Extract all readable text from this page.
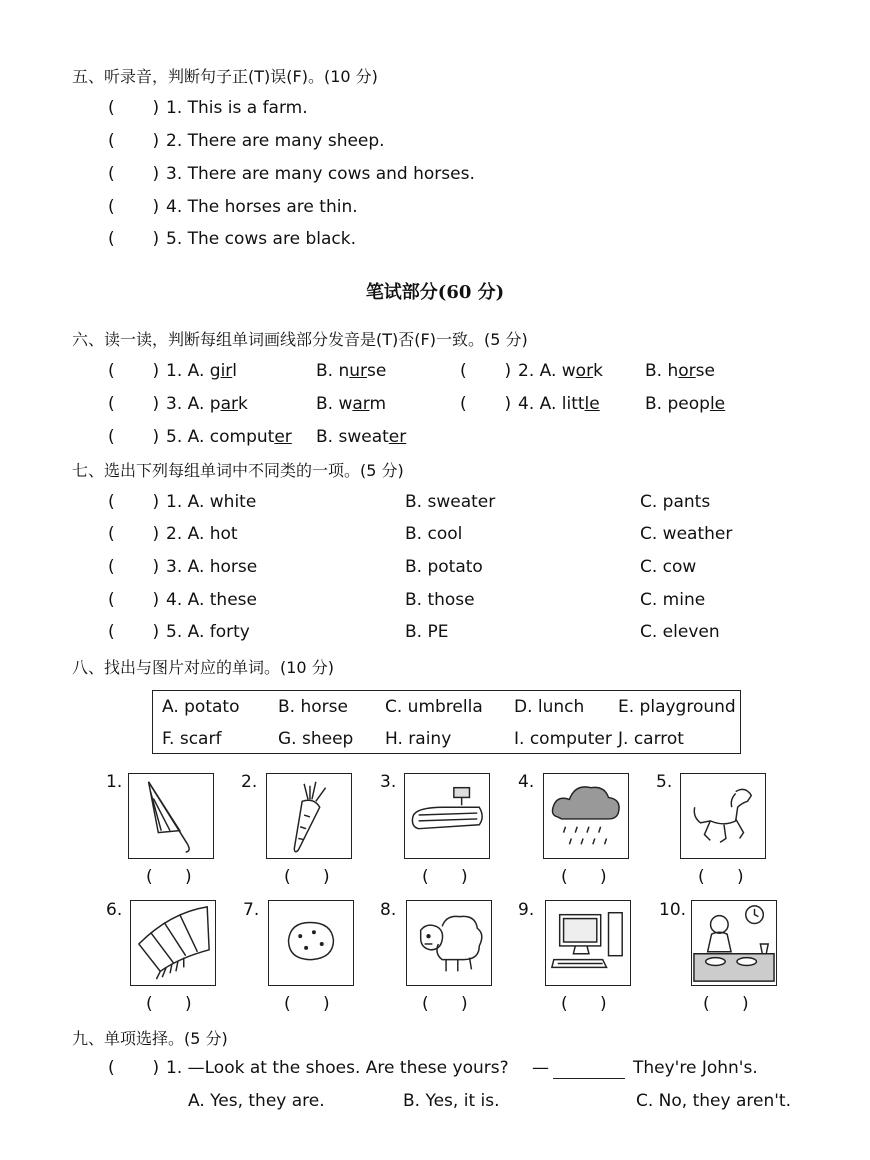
五、听录音，判断句子正(T)误(F)。(10 分)
(       ) 1. This is a farm.
(       ) 2. There are many sheep.
(       ) 3. There are many cows and horses.
(       ) 4. The horses are thin.
(       ) 5. The cows are black.
笔试部分(60 分)
六、读一读，判断每组单词画线部分发音是(T)否(F)一致。(5 分)
(       ) 1. A. girl	B. nurse	(       ) 2. A. work B. horse
(       ) 3. A. park	B. warm	(       ) 4. A. little	B. people
(       ) 5. A. computer B. sweater
七、选出下列每组单词中不同类的一项。(5 分)
(       ) 1. A. white	B. sweater	C. pants
(       ) 2. A. hot	B. cool	C. weather
(       ) 3. A. horse	B. potato	C. cow
(       ) 4. A. these	B. those	C. mine
(       ) 5. A. forty	B. PE	C. eleven
八、找出与图片对应的单词。(10 分)
A. potato B. horse C. umbrella D. lunch E. playground
F. scarf	G. sheep H. rainy	I. computer J. carrot
1.
(      )
2.
(      )
3.
(      )
4.
(      )
5.
(      )
6.
(      )
7.
(      )
8.
(      )
9.
(      )
10.
(      )
九、单项选择。(5 分)
(       ) 1. —Look at the shoes. Are these yours? —	They're John's.
A. Yes, they are.	B. Yes, it is.	C. No, they aren't.
